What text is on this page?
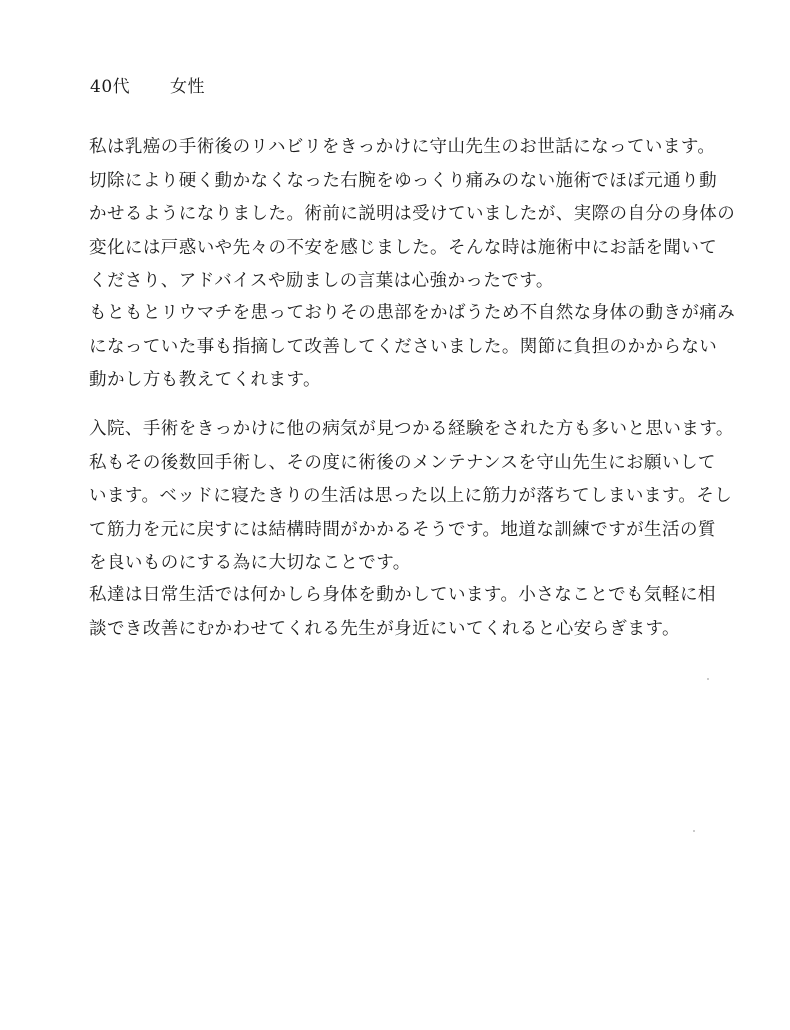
40代 女性

私は乳癌の手術後のリハビリをきっかけに守山先生のお世話になっています。
切除により硬く動かなくなった右腕をゆっくり痛みのない施術でほぼ元通り動
かせるようになりました。術前に説明は受けていましたが、実際の自分の身体の
変化には戸惑いや先々の不安を感じました。そんな時は施術中にお話を聞いて
くださり、アドバイスや励ましの言葉は心強かったです。

もともとリウマチを患っておりその患部をかばうため不自然な身体の動きが痛み
になっていた事も指摘して改善してくださいました。関節に負担のかからない
動かし方も教えてくれます。

入院、手術をきっかけに他の病気が見つかる経験をされた方も多いと思います。
私もその後数回手術し、その度に術後のメンテナンスを守山先生にお願いして
います。ベッドに寝たきりの生活は思った以上に筋力が落ちてしまいます。そし
て筋力を元に戻すには結構時間がかかるそうです。地道な訓練ですが生活の質
を良いものにする為に大切なことです。

私達は日常生活では何かしら身体を動かしています。小さなことでも気軽に相
談でき改善にむかわせてくれる先生が身近にいてくれると心安らぎます。
